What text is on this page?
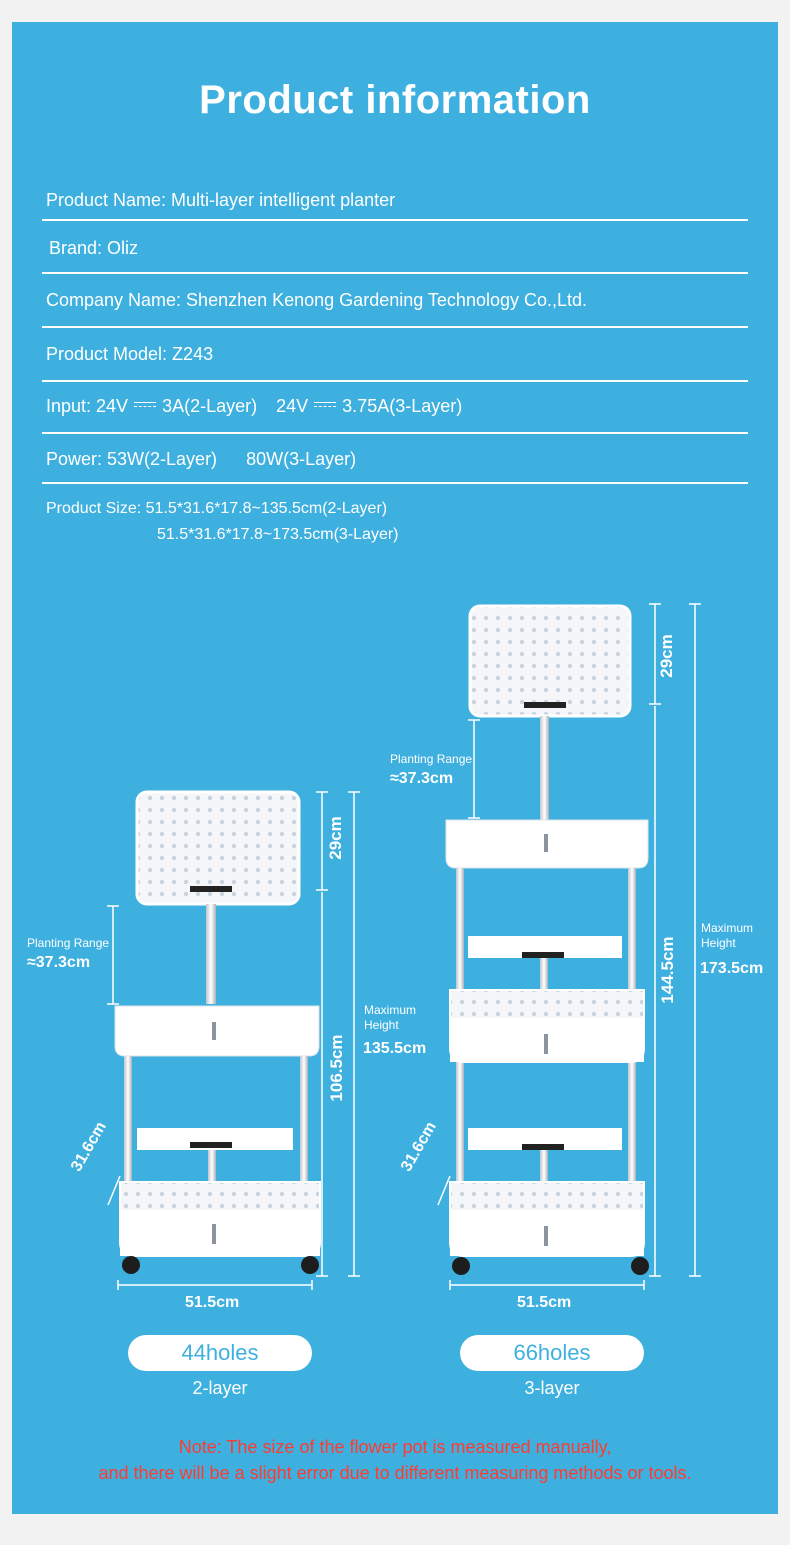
Product information
Product Name: Multi-layer intelligent planter
Brand: Oliz
Company Name: Shenzhen Kenong Gardening Technology Co.,Ltd.
Product Model: Z243
Input: 24V 3A(2-Layer) 24V 3.75A(3-Layer)
Power: 53W(2-Layer) 80W(3-Layer)
Product Size: 51.5*31.6*17.8~135.5cm(2-Layer)
51.5*31.6*17.8~173.5cm(3-Layer)
Planting Range
≈37.3cm
29cm
106.5cm
Maximum
Height
135.5cm
31.6cm
51.5cm
Planting Range
≈37.3cm
29cm
144.5cm
Maximum
Height
173.5cm
31.6cm
51.5cm
44holes
2-layer
66holes
3-layer
Note: The size of the flower pot is measured manually,
and there will be a slight error due to different measuring methods or tools.
